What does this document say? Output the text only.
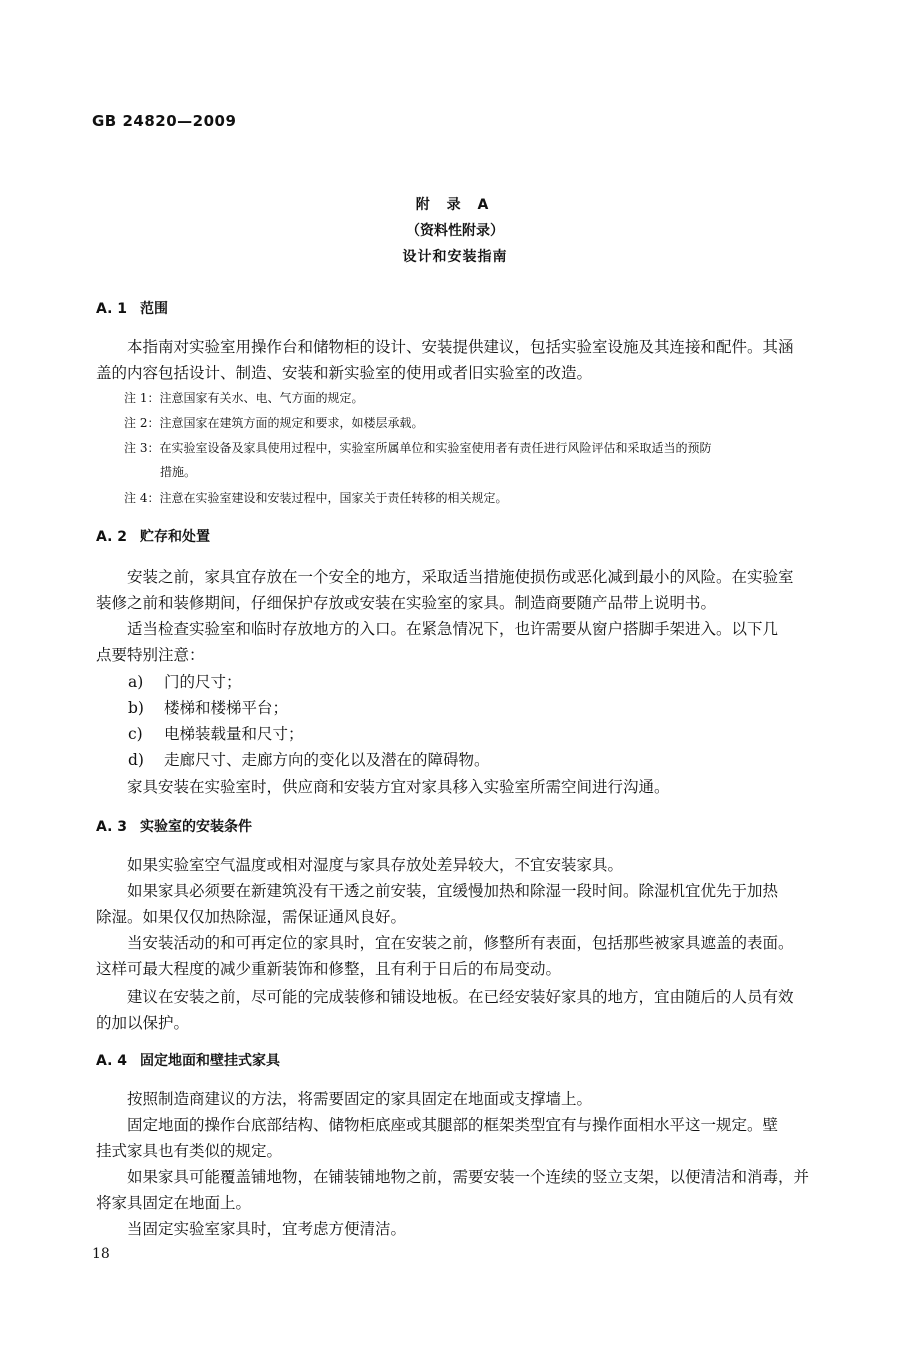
GB 24820—2009
附 录 A
（资料性附录）
设计和安装指南
A. 1 范围
本指南对实验室用操作台和储物柜的设计、安装提供建议，包括实验室设施及其连接和配件。其涵
盖的内容包括设计、制造、安装和新实验室的使用或者旧实验室的改造。
注 1：注意国家有关水、电、气方面的规定。
注 2：注意国家在建筑方面的规定和要求，如楼层承载。
注 3：在实验室设备及家具使用过程中，实验室所属单位和实验室使用者有责任进行风险评估和采取适当的预防
措施。
注 4：注意在实验室建设和安装过程中，国家关于责任转移的相关规定。
A. 2 贮存和处置
安装之前，家具宜存放在一个安全的地方，采取适当措施使损伤或恶化减到最小的风险。在实验室
装修之前和装修期间，仔细保护存放或安装在实验室的家具。制造商要随产品带上说明书。
适当检查实验室和临时存放地方的入口。在紧急情况下，也许需要从窗户搭脚手架进入。以下几
点要特别注意：
a) 门的尺寸；
b) 楼梯和楼梯平台；
c) 电梯装载量和尺寸；
d) 走廊尺寸、走廊方向的变化以及潜在的障碍物。
家具安装在实验室时，供应商和安装方宜对家具移入实验室所需空间进行沟通。
A. 3 实验室的安装条件
如果实验室空气温度或相对湿度与家具存放处差异较大，不宜安装家具。
如果家具必须要在新建筑没有干透之前安装，宜缓慢加热和除湿一段时间。除湿机宜优先于加热
除湿。如果仅仅加热除湿，需保证通风良好。
当安装活动的和可再定位的家具时，宜在安装之前，修整所有表面，包括那些被家具遮盖的表面。
这样可最大程度的减少重新装饰和修整，且有利于日后的布局变动。
建议在安装之前，尽可能的完成装修和铺设地板。在已经安装好家具的地方，宜由随后的人员有效
的加以保护。
A. 4 固定地面和壁挂式家具
按照制造商建议的方法，将需要固定的家具固定在地面或支撑墙上。
固定地面的操作台底部结构、储物柜底座或其腿部的框架类型宜有与操作面相水平这一规定。壁
挂式家具也有类似的规定。
如果家具可能覆盖铺地物，在铺装铺地物之前，需要安装一个连续的竖立支架，以便清洁和消毒，并
将家具固定在地面上。
当固定实验室家具时，宜考虑方便清洁。
18
